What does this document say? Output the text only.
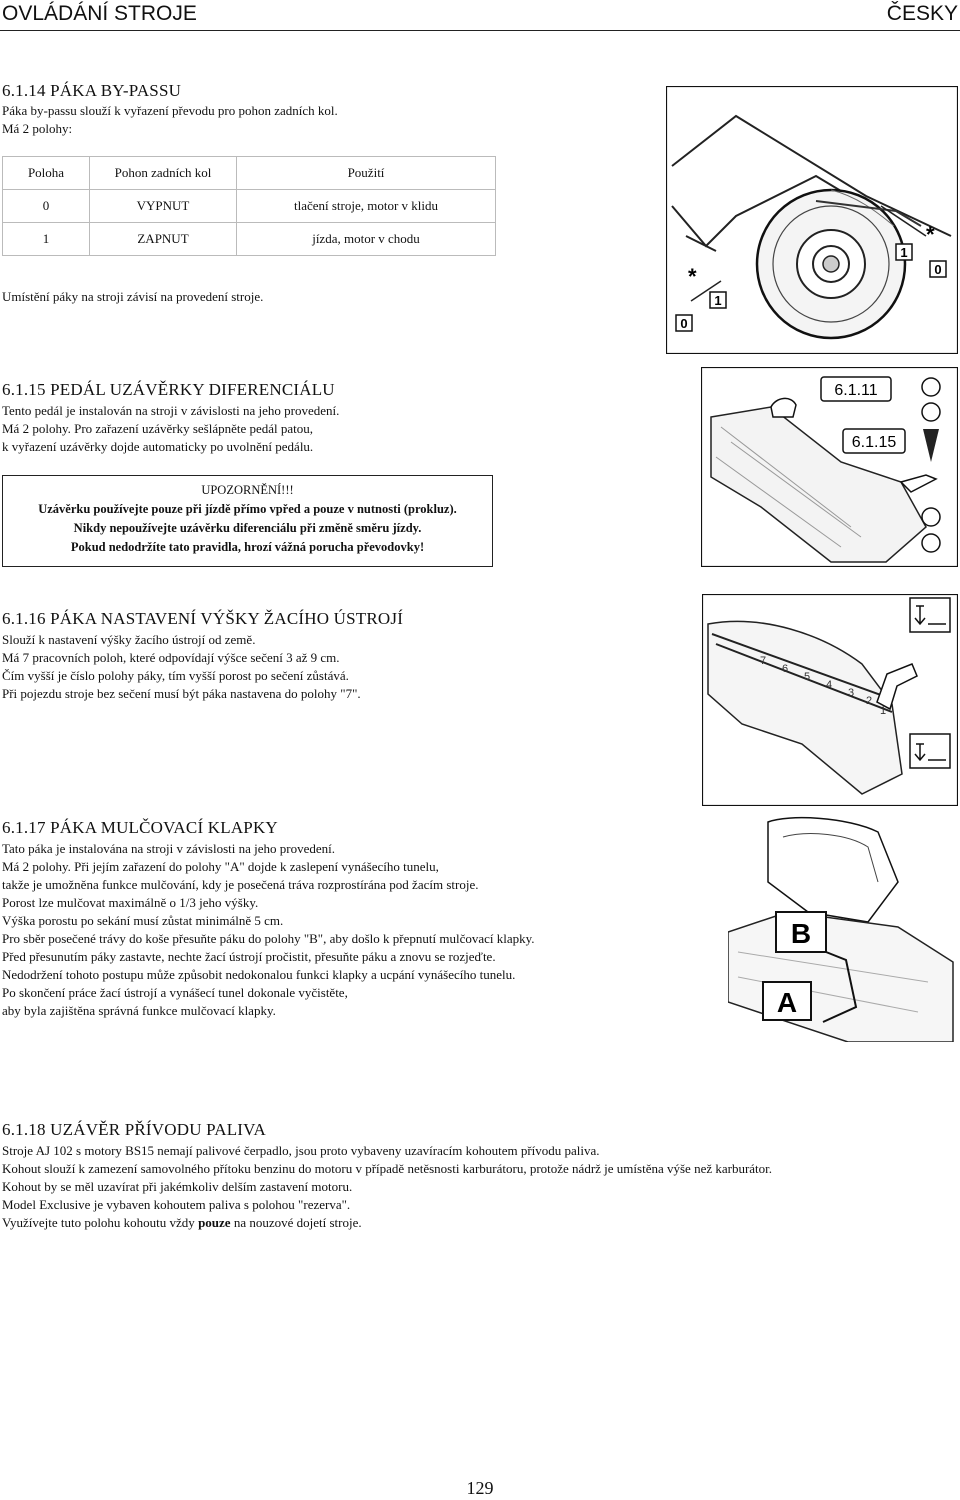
OVLÁDÁNÍ STROJE	ČESKY
6.1.14 PÁKA BY-PASSU
Páka by-passu slouží k vyřazení převodu pro pohon zadních kol.
Má 2 polohy:
Poloha	Pohon zadních kol	Použití
0	VYPNUT	tlačení stroje, motor v klidu
1	ZAPNUT	jízda, motor v chodu
Umístění páky na stroji závisí na provedení stroje.
*
*
1
0
1
0
6.1.15 PEDÁL UZÁVĚRKY DIFERENCIÁLU
Tento pedál je instalován na stroji v závislosti na jeho provedení.
Má 2 polohy. Pro zařazení uzávěrky sešlápněte pedál patou,
k vyřazení uzávěrky dojde automaticky po uvolnění pedálu.
UPOZORNĚNÍ!!!
Uzávěrku používejte pouze při jízdě přímo vpřed a pouze v nutnosti (prokluz).
Nikdy nepoužívejte uzávěrku diferenciálu při změně směru jízdy.
Pokud nedodržíte tato pravidla, hrozí vážná porucha převodovky!
6.1.11
6.1.15
6.1.16 PÁKA NASTAVENÍ VÝŠKY ŽACÍHO ÚSTROJÍ
Slouží k nastavení výšky žacího ústrojí od země.
Má 7 pracovních poloh, které odpovídají výšce sečení 3 až 9 cm.
Čím vyšší je číslo polohy páky, tím vyšší porost po sečení zůstává.
Při pojezdu stroje bez sečení musí být páka nastavena do polohy "7".
7
6
5
4
3
2
1
6.1.17 PÁKA MULČOVACÍ KLAPKY
Tato páka je instalována na stroji v závislosti na jeho provedení.
Má 2 polohy. Při jejím zařazení do polohy "A" dojde k zaslepení vynášecího tunelu,
takže je umožněna funkce mulčování, kdy je posečená tráva rozprostírána pod žacím stroje.
Porost lze mulčovat maximálně o 1/3 jeho výšky.
Výška porostu po sekání musí zůstat minimálně 5 cm.
Pro sběr posečené trávy do koše přesuňte páku do polohy "B", aby došlo k přepnutí mulčovací klapky.
Před přesunutím páky zastavte, nechte žací ústrojí pročistit, přesuňte páku a znovu se rozjeďte.
Nedodržení tohoto postupu může způsobit nedokonalou funkci klapky a ucpání vynášecího tunelu.
Po skončení práce žací ústrojí a vynášecí tunel dokonale vyčistěte,
aby byla zajištěna správná funkce mulčovací klapky.
B
A
6.1.18 UZÁVĚR PŘÍVODU PALIVA
Stroje AJ 102 s motory BS15 nemají palivové čerpadlo, jsou proto vybaveny uzavíracím kohoutem přívodu paliva.
Kohout slouží k zamezení samovolného přítoku benzinu do motoru v případě netěsnosti karburátoru, protože nádrž je umístěna výše než karburátor.
Kohout by se měl uzavírat při jakémkoliv delším zastavení motoru.
Model Exclusive je vybaven kohoutem paliva s polohou "rezerva".
Využívejte tuto polohu kohoutu vždy pouze na nouzové dojetí stroje.
129
